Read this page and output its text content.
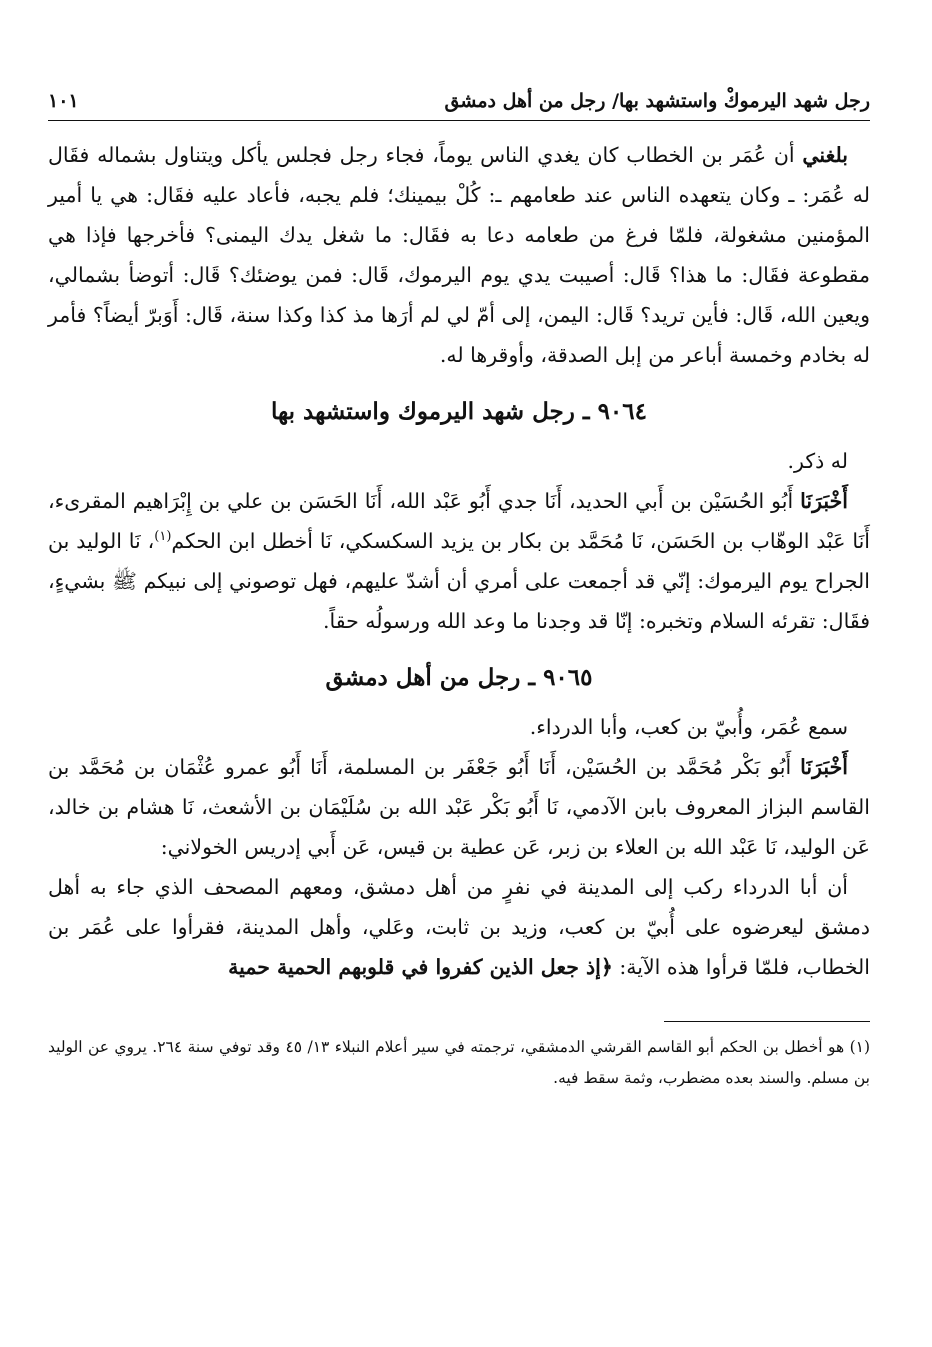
رجل شهد اليرموكْ واستشهد بها/ رجل من أهل دمشق
١٠١

بلغني أن عُمَر بن الخطاب كان يغدي الناس يوماً، فجاء رجل فجلس يأكل ويتناول بشماله فقَال له عُمَر: ـ وكان يتعهده الناس عند طعامهم ـ: كُلْ بيمينك؛ فلم يجبه، فأعاد عليه فقَال: هي يا أمير المؤمنين مشغولة، فلمّا فرغ من طعامه دعا به فقَال: ما شغل يدك اليمنى؟ فأخرجها فإذا هي مقطوعة فقَال: ما هذا؟ قَال: أصيبت يدي يوم اليرموك، قَال: فمن يوضئك؟ قَال: أتوضأ بشمالي، ويعين الله، قَال: فأين تريد؟ قَال: اليمن، إلى أمّ لي لم أرَها مذ كذا وكذا سنة، قَال: أَوَبرّ أيضاً؟ فأمر له بخادم وخمسة أباعر من إبل الصدقة، وأوقرها له.

٩٠٦٤ ـ رجل شهد اليرموك واستشهد بها

له ذكر.

أَخْبَرَنَا أَبُو الحُسَيْن بن أَبي الحديد، أَنَا جدي أَبُو عَبْد الله، أَنَا الحَسَن بن علي بن إِبْرَاهيم المقرىء، أَنَا عَبْد الوهّاب بن الحَسَن، نَا مُحَمَّد بن بكار بن يزيد السكسكي، نَا أخطل ابن الحكم$^{(١)}$، نَا الوليد بن الجراح يوم اليرموك: إنّي قد أجمعت على أمري أن أشدّ عليهم، فهل توصوني إلى نبيكم ﷺ بشيءٍ، فقَال: تقرئه السلام وتخبره: إنّا قد وجدنا ما وعد الله ورسولُه حقاً.

٩٠٦٥ ـ رجل من أهل دمشق

سمع عُمَر، وأُبيّ بن كعب، وأبا الدرداء.

أَخْبَرَنَا أَبُو بَكْر مُحَمَّد بن الحُسَيْن، أَنَا أَبُو جَعْفَر بن المسلمة، أَنَا أَبُو عمرو عُثْمَان بن مُحَمَّد بن القاسم البزاز المعروف بابن الآدمي، نَا أَبُو بَكْر عَبْد الله بن سُلَيْمَان بن الأشعث، نَا هشام بن خالد، عَن الوليد، نَا عَبْد الله بن العلاء بن زبر، عَن عطية بن قيس، عَن أَبي إدريس الخولاني:

أن أبا الدرداء ركب إلى المدينة في نفرٍ من أهل دمشق، ومعهم المصحف الذي جاء به أهل دمشق ليعرضوه على أُبيّ بن كعب، وزيد بن ثابت، وعَلي، وأهل المدينة، فقرأوا على عُمَر بن الخطاب، فلمّا قرأوا هذه الآية: ﴿إذ جعل الذين كفروا في قلوبهم الحمية حمية

(١) هو أخطل بن الحكم أبو القاسم القرشي الدمشقي، ترجمته في سير أعلام النبلاء ١٣/ ٤٥ وقد توفي سنة ٢٦٤. يروي عن الوليد بن مسلم. والسند بعده مضطرب، وثمة سقط فيه.
